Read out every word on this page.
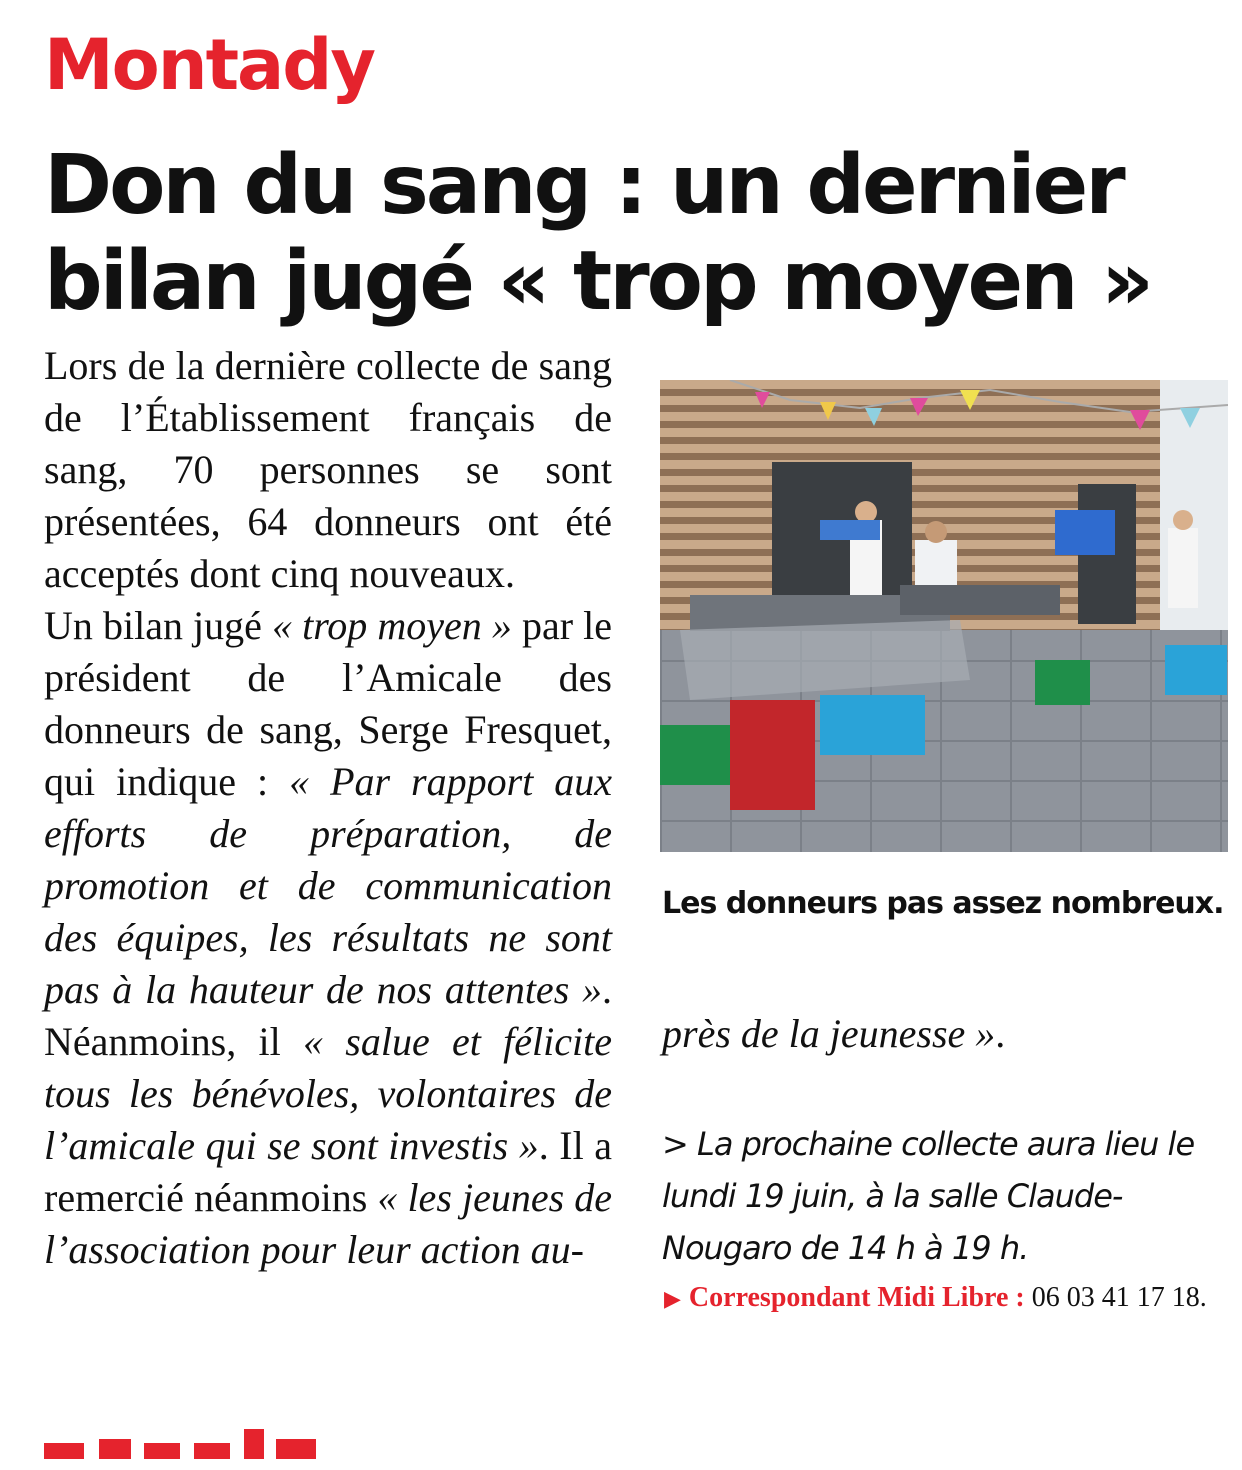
Montady
Don du sang : un dernier bilan jugé « trop moyen »

Lors de la dernière collecte de sang de l’Établissement français de sang, 70 personnes se sont présentées, 64 donneurs ont été acceptés dont cinq nouveaux.

Un bilan jugé « trop moyen » par le président de l’Amicale des donneurs de sang, Serge Fresquet, qui indique : « Par rapport aux efforts de préparation, de promotion et de communication des équipes, les résultats ne sont pas à la hauteur de nos attentes ». Néanmoins, il « salue et félicite tous les bénévoles, volontaires de l’amicale qui se sont investis ». Il a remercié néanmoins « les jeunes de l’association pour leur action au-

Les donneurs pas assez nombreux.
près de la jeunesse ».
> La prochaine collecte aura lieu le lundi 19 juin, à la salle Claude-Nougaro de 14 h à 19 h.
▶ Correspondant Midi Libre : 06 03 41 17 18.
